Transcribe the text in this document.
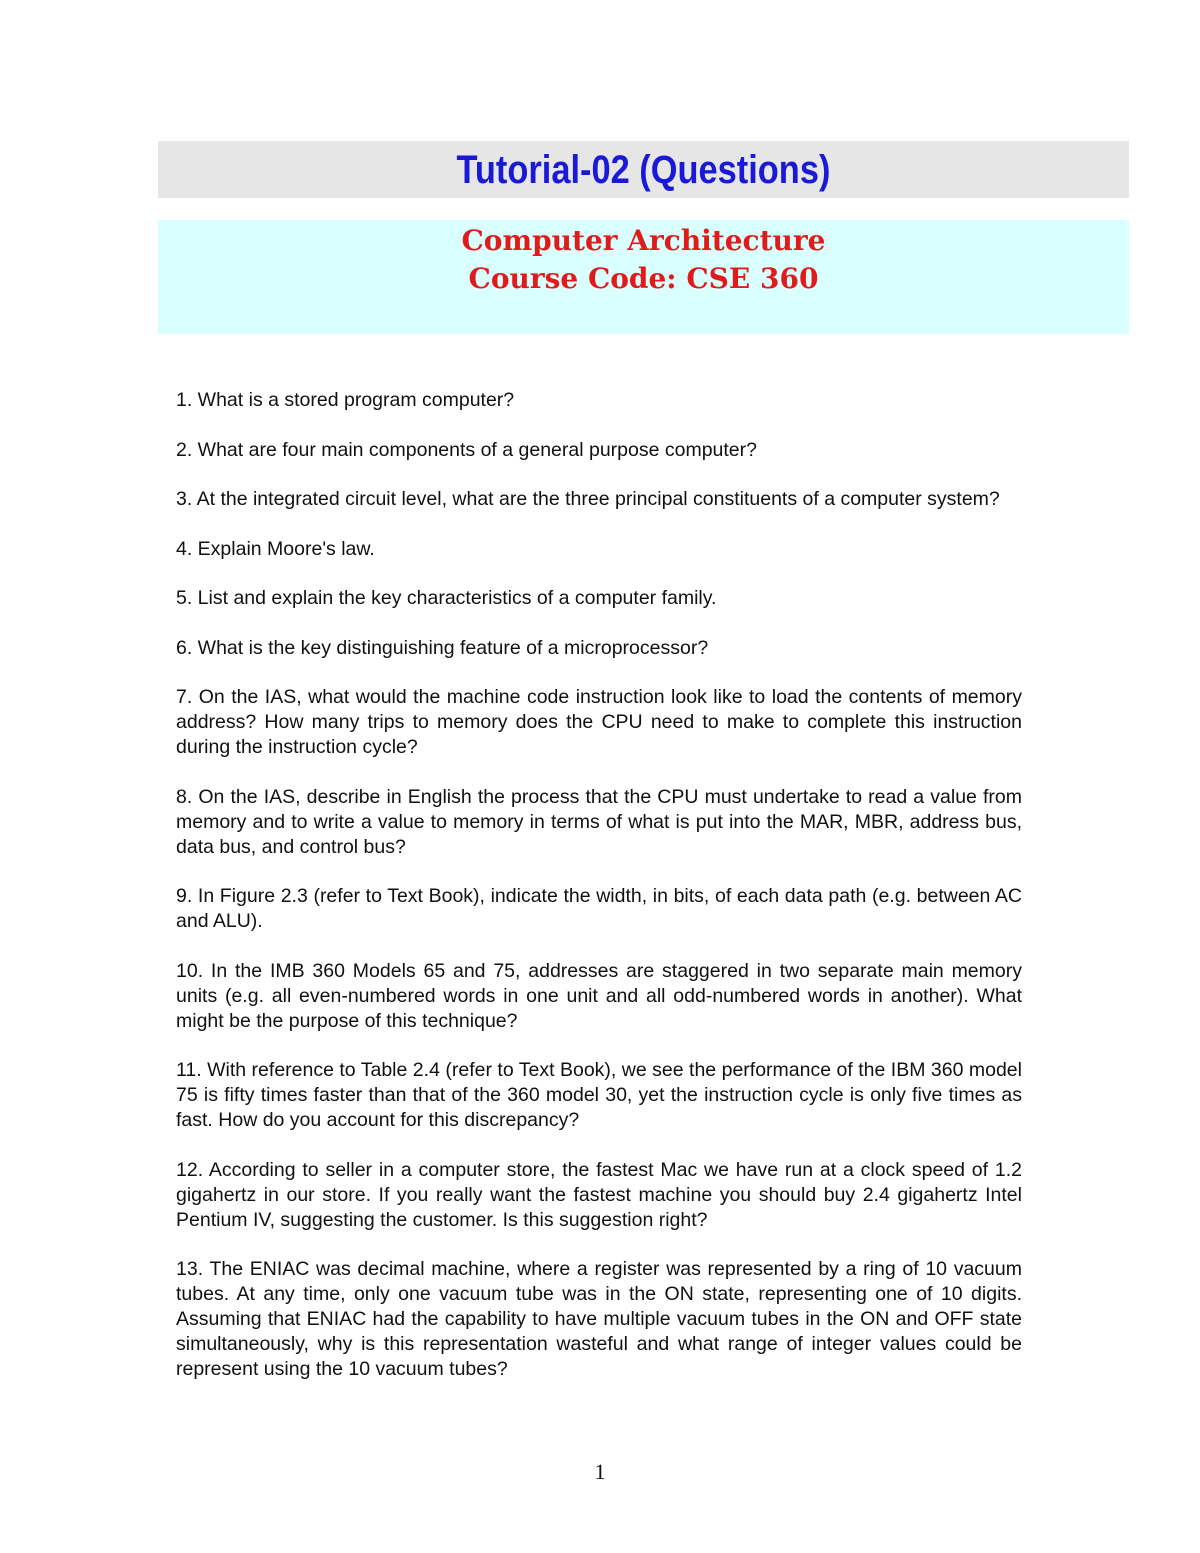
Tutorial-02 (Questions)
Computer Architecture
Course Code: CSE 360

1. What is a stored program computer?

2. What are four main components of a general purpose computer?

3. At the integrated circuit level, what are the three principal constituents of a computer system?

4. Explain Moore's law.

5. List and explain the key characteristics of a computer family.

6. What is the key distinguishing feature of a microprocessor?

7. On the IAS, what would the machine code instruction look like to load the contents of memory address? How many trips to memory does the CPU need to make to complete this instruction during the instruction cycle?

8. On the IAS, describe in English the process that the CPU must undertake to read a value from memory and to write a value to memory in terms of what is put into the MAR, MBR, address bus, data bus, and control bus?

9. In Figure 2.3 (refer to Text Book), indicate the width, in bits, of each data path (e.g. between AC and ALU).

10. In the IMB 360 Models 65 and 75, addresses are staggered in two separate main memory units (e.g. all even-numbered words in one unit and all odd-numbered words in another). What might be the purpose of this technique?

11. With reference to Table 2.4 (refer to Text Book), we see the performance of the IBM 360 model 75 is fifty times faster than that of the 360 model 30, yet the instruction cycle is only five times as fast. How do you account for this discrepancy?

12. According to seller in a computer store, the fastest Mac we have run at a clock speed of 1.2 gigahertz in our store. If you really want the fastest machine you should buy 2.4 gigahertz Intel Pentium IV, suggesting the customer. Is this suggestion right?

13. The ENIAC was decimal machine, where a register was represented by a ring of 10 vacuum tubes. At any time, only one vacuum tube was in the ON state, representing one of 10 digits. Assuming that ENIAC had the capability to have multiple vacuum tubes in the ON and OFF state simultaneously, why is this representation wasteful and what range of integer values could be represent using the 10 vacuum tubes?

1
